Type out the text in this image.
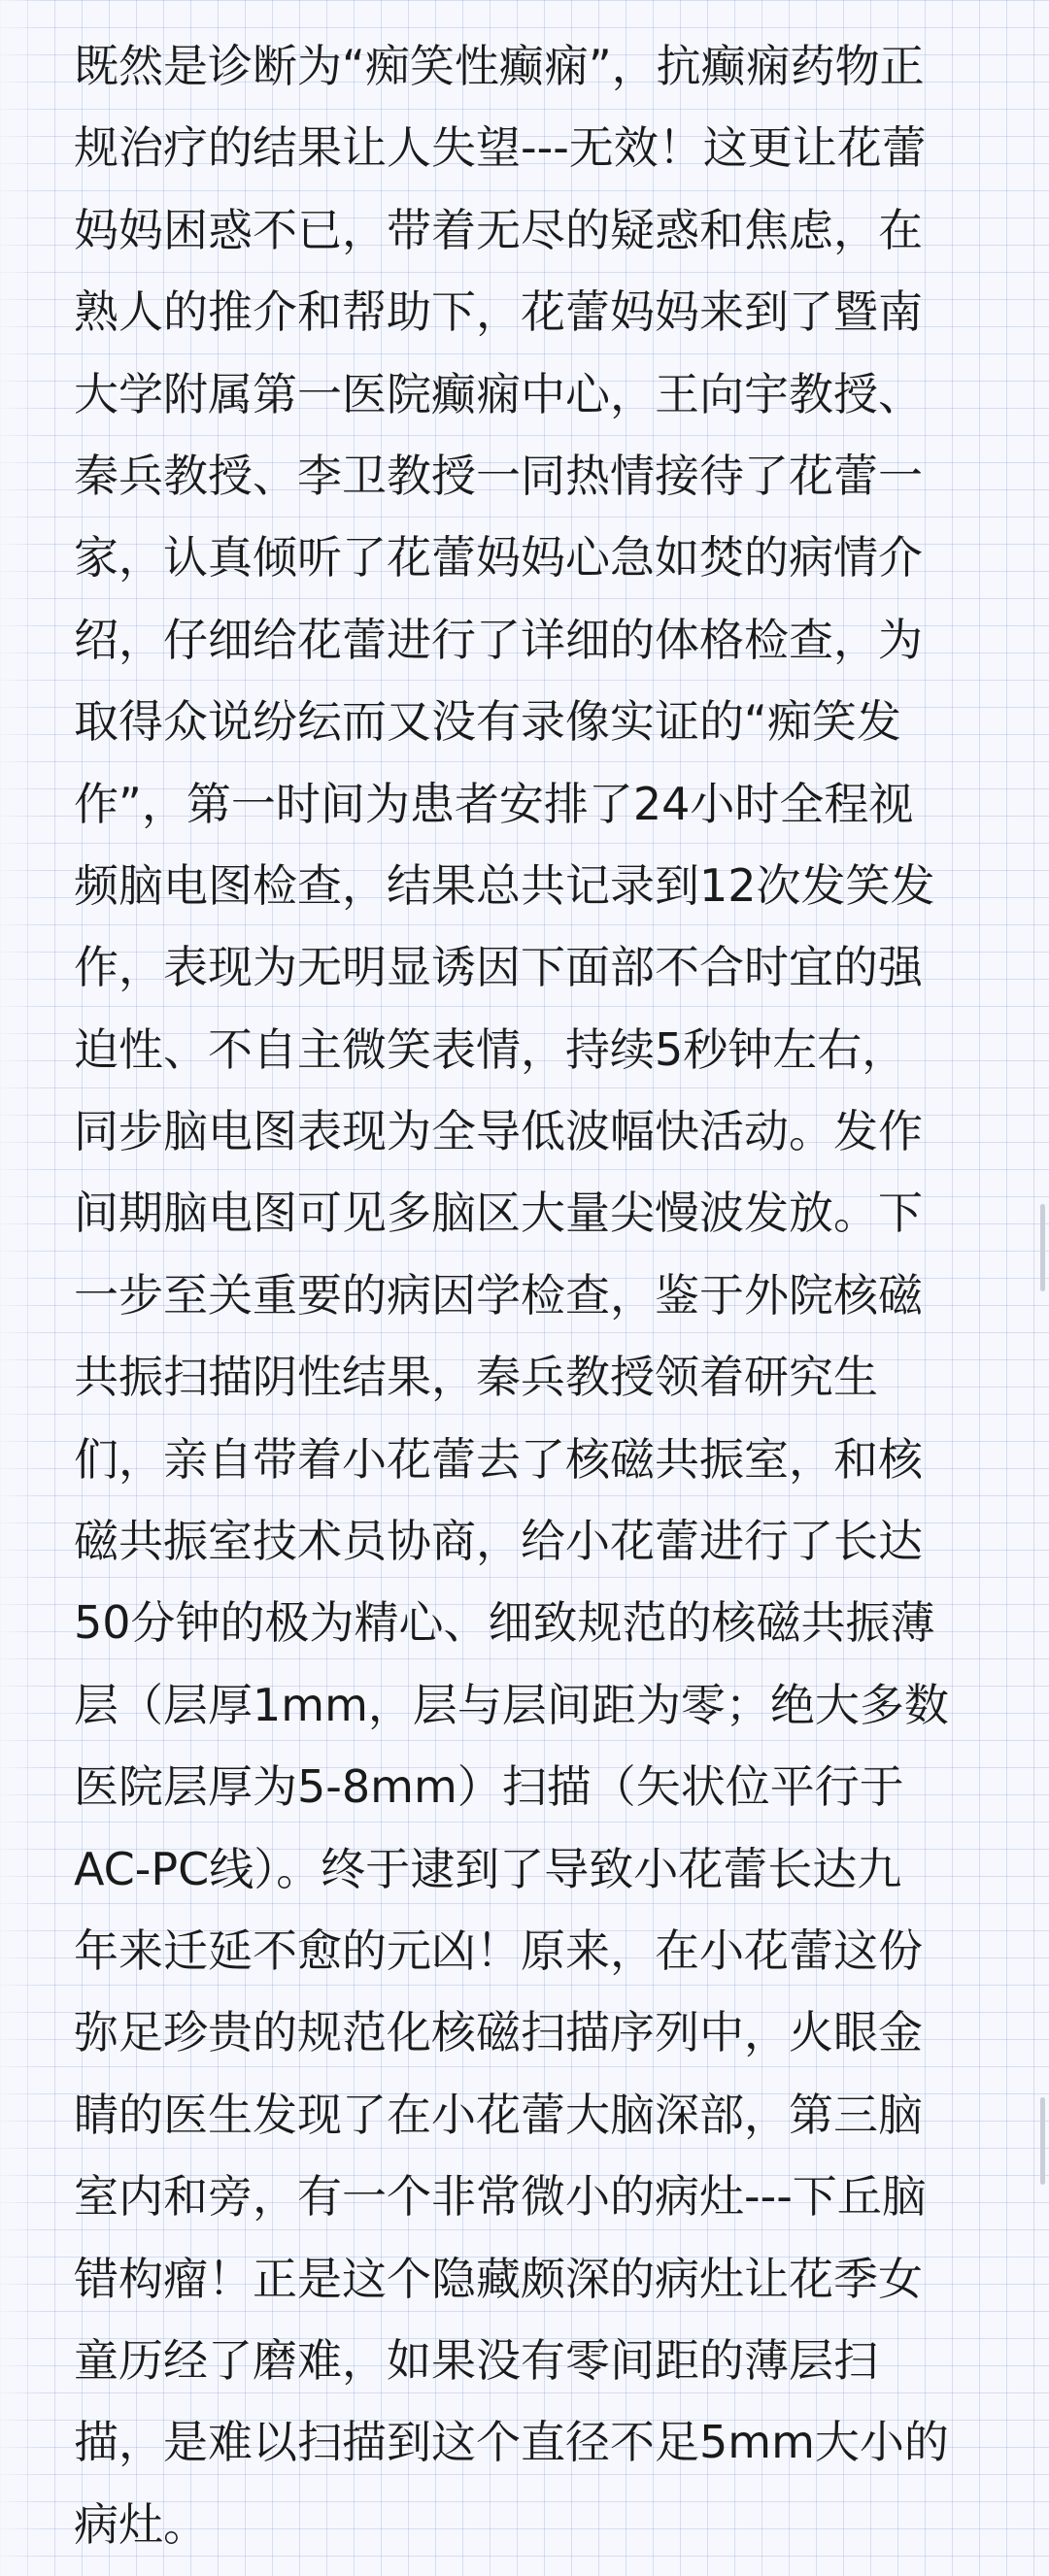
既然是诊断为“痴笑性癫痫”，抗癫痫药物正
规治疗的结果让人失望---无效！这更让花蕾
妈妈困惑不已，带着无尽的疑惑和焦虑，在
熟人的推介和帮助下，花蕾妈妈来到了暨南
大学附属第一医院癫痫中心，王向宇教授、
秦兵教授、李卫教授一同热情接待了花蕾一
家，认真倾听了花蕾妈妈心急如焚的病情介
绍，仔细给花蕾进行了详细的体格检查，为
取得众说纷纭而又没有录像实证的“痴笑发
作”，第一时间为患者安排了24小时全程视
频脑电图检查，结果总共记录到12次发笑发
作，表现为无明显诱因下面部不合时宜的强
迫性、不自主微笑表情，持续5秒钟左右，
同步脑电图表现为全导低波幅快活动。发作
间期脑电图可见多脑区大量尖慢波发放。下
一步至关重要的病因学检查，鉴于外院核磁
共振扫描阴性结果，秦兵教授领着研究生
们，亲自带着小花蕾去了核磁共振室，和核
磁共振室技术员协商，给小花蕾进行了长达
50分钟的极为精心、细致规范的核磁共振薄
层（层厚1mm，层与层间距为零；绝大多数
医院层厚为5-8mm）扫描（矢状位平行于
AC-PC线）。终于逮到了导致小花蕾长达九
年来迁延不愈的元凶！原来，在小花蕾这份
弥足珍贵的规范化核磁扫描序列中，火眼金
睛的医生发现了在小花蕾大脑深部，第三脑
室内和旁，有一个非常微小的病灶---下丘脑
错构瘤！正是这个隐藏颇深的病灶让花季女
童历经了磨难，如果没有零间距的薄层扫
描，是难以扫描到这个直径不足5mm大小的
病灶。
